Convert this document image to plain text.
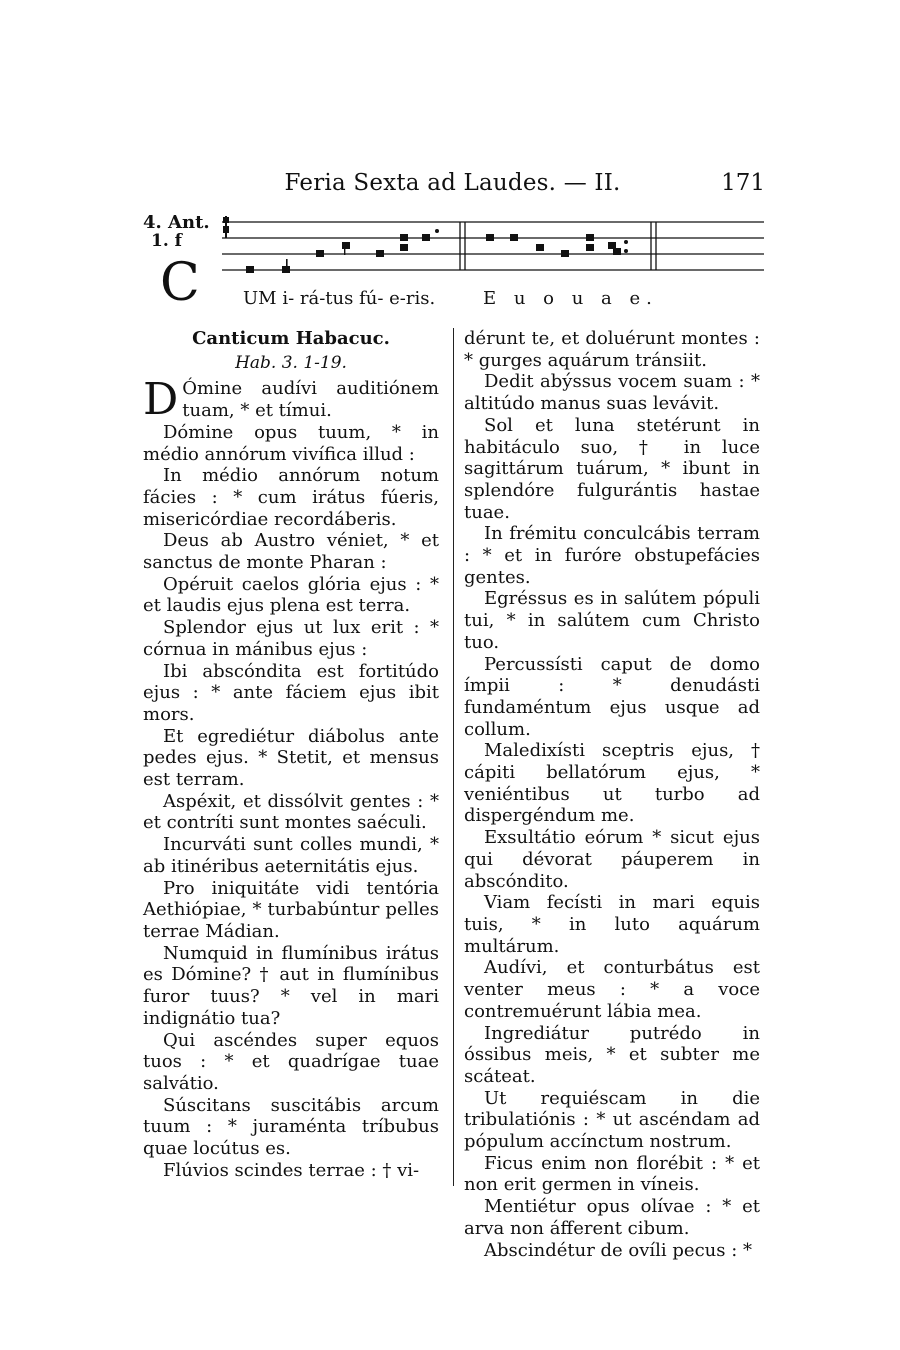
Feria Sexta ad Laudes. — II.	171
4. Ant.
1. f
C UM i- rá-tus fú- e-ris.	E u o u a e.
Canticum Habacuc.
Hab. 3. 1-19.

D Ómine audívi auditiónem tuam, * et tímui.

Dómine opus tuum, * in médio annórum vivífica illud :

In médio annórum notum fácies : * cum irátus fúeris, misericórdiae recordáberis.

Deus ab Austro véniet, * et sanctus de monte Pharan :

Opéruit caelos glória ejus : * et laudis ejus plena est terra.

Splendor ejus ut lux erit : * córnua in mánibus ejus :

Ibi abscóndita est fortitúdo ejus : * ante fáciem ejus ibit mors.

Et egrediétur diábolus ante pedes ejus. * Stetit, et mensus est terram.

Aspéxit, et dissólvit gentes : * et contríti sunt montes saéculi.

Incurváti sunt colles mundi, * ab itinéribus aeternitátis ejus.

Pro iniquitáte vidi tentória Aethiópiae, * turbabúntur pelles terrae Mádian.

Numquid in flumínibus irátus es Dómine? † aut in flumínibus furor tuus? * vel in mari indignátio tua?

Qui ascéndes super equos tuos : * et quadrígae tuae salvátio.

Súscitans suscitábis arcum tuum : * juraménta tríbubus quae locútus es.

Flúvios scindes terrae : † vi-

dérunt te, et doluérunt montes : * gurges aquárum tránsiit.

Dedit abýssus vocem suam : * altitúdo manus suas levávit.

Sol et luna stetérunt in habitáculo suo, † in luce sagittárum tuárum, * ibunt in splendóre fulgurántis hastae tuae.

In frémitu conculcábis terram : * et in furóre obstupefácies gentes.

Egréssus es in salútem pópuli tui, * in salútem cum Christo tuo.

Percussísti caput de domo ímpii : * denudásti fundaméntum ejus usque ad collum.

Maledixísti sceptris ejus, † cápiti bellatórum ejus, * veniéntibus ut turbo ad dispergéndum me.

Exsultátio eórum * sicut ejus qui dévorat páuperem in abscóndito.

Viam fecísti in mari equis tuis, * in luto aquárum multárum.

Audívi, et conturbátus est venter meus : * a voce contremuérunt lábia mea.

Ingrediátur putrédo in óssibus meis, * et subter me scáteat.

Ut requiéscam in die tribulatiónis : * ut ascéndam ad pópulum accínctum nostrum.

Ficus enim non florébit : * et non erit germen in víneis.

Mentiétur opus olívae : * et arva non áfferent cibum.

Abscindétur de ovíli pecus : *
